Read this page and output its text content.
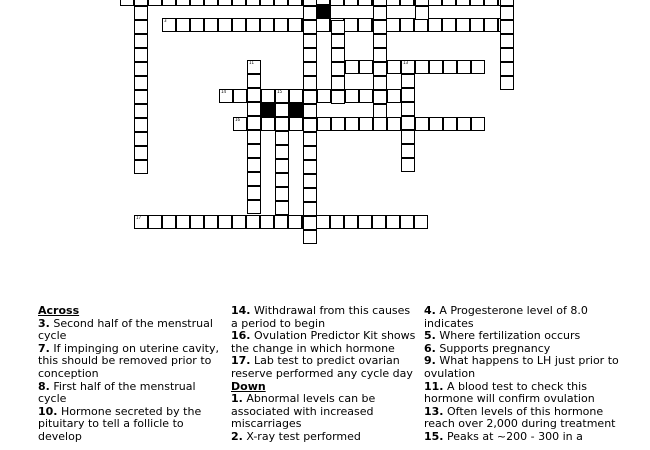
3
13
14	15
16
17
11
Across
3. Second half of the menstrual cycle
7. If impinging on uterine cavity, this should be removed prior to conception
8. First half of the menstrual cycle
10. Hormone secreted by the pituitary to tell a follicle to develop
14. Withdrawal from this causes a period to begin
16. Ovulation Predictor Kit shows the change in which hormone
17. Lab test to predict ovarian reserve performed any cycle day
Down
1. Abnormal levels can be associated with increased miscarriages
2. X-ray test performed
4. A Progesterone level of 8.0 indicates
5. Where fertilization occurs
6. Supports pregnancy
9. What happens to LH just prior to ovulation
11. A blood test to check this hormone will confirm ovulation
13. Often levels of this hormone reach over 2,000 during treatment
15. Peaks at ~200 - 300 in a
